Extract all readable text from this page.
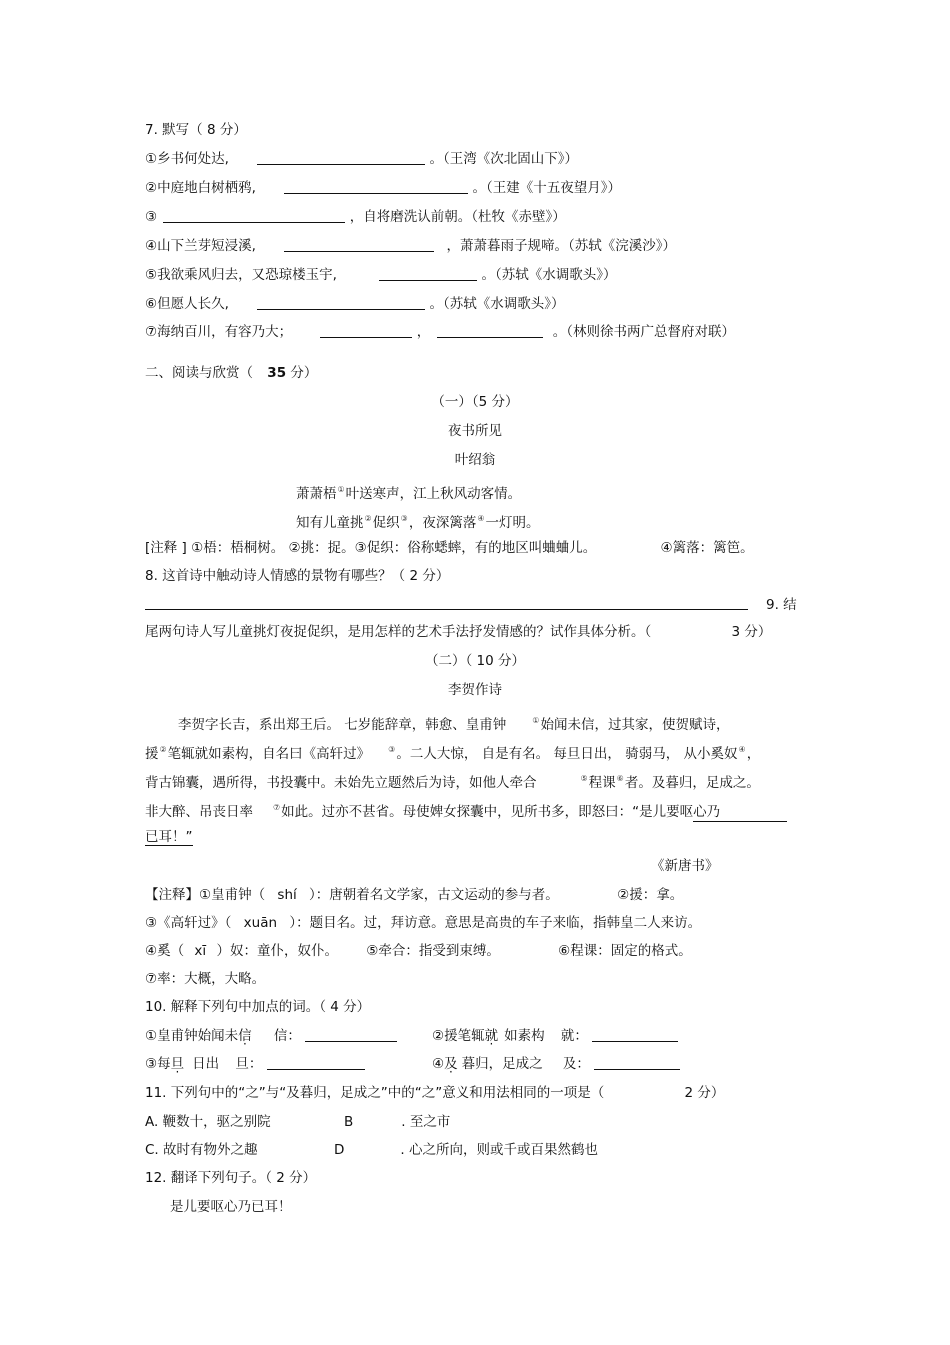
7. 默写（ 8 分）
①乡书何处达,	。（王湾《次北固山下》）
②中庭地白树栖鸦,	。（王建《十五夜望月》）
③	，自将磨洗认前朝。（杜牧《赤壁》）
④山下兰芽短浸溪,	，萧萧暮雨子规啼。（苏轼《浣溪沙》）
⑤我欲乘风归去，又恐琼楼玉宇,	。（苏轼《水调歌头》）
⑥但愿人长久,	。（苏轼《水调歌头》）
⑦海纳百川，有容乃大；	，	。（林则徐书两广总督府对联）
二、阅读与欣赏（ 35 分）
（一）（5 分）
夜书所见
叶绍翁
萧萧梧①叶送寒声，江上秋风动客情。
知有儿童挑②促织③，夜深篱落④一灯明。
[注释 ] ①梧：梧桐树。 ②挑：捉。③促织：俗称蟋蟀，有的地区叫蛐蛐儿。	④篱落：篱笆。
8. 这首诗中触动诗人情感的景物有哪些？（ 2 分）
9. 结
尾两句诗人写儿童挑灯夜捉促织，是用怎样的艺术手法抒发情感的？试作具体分析。（	3 分）
（二）（ 10 分）
李贺作诗
李贺字长吉，系出郑王后。 七岁能辞章，韩愈、皇甫钟	①始闻未信，过其家，使贺赋诗，
援②笔辄就如素构，自名曰《高轩过》 ③。二人大惊， 自是有名。 每旦日出， 骑弱马， 从小奚奴④，
背古锦囊，遇所得，书投囊中。未始先立题然后为诗，如他人牵合	⑤程课⑥者。及暮归，足成之。
非大醉、吊丧日率	⑦如此。过亦不甚省。母使婢女探囊中，见所书多，即怒曰：“是儿要呕心乃
已耳！”
《新唐书》
【注释】①皇甫钟（ shí ）：唐朝着名文学家，古文运动的参与者。	②援：拿。
③《高轩过》（ xuān ）：题目名。过，拜访意。意思是高贵的车子来临，指韩皇二人来访。
④奚（ xī ）奴：童仆，奴仆。 ⑤牵合：指受到束缚。	⑥程课：固定的格式。
⑦率：大概，大略。
10. 解释下列句中加点的词。（ 4 分）
①皇甫钟始闻未信 信：	②援笔辄就 如素构 就：
③每旦 日出 旦：	④及 暮归，足成之 及：
11. 下列句中的“之”与“及暮归，足成之”中的“之”意义和用法相同的一项是（	2 分）
A. 鞭数十，驱之别院	B	. 至之市
C. 故时有物外之趣	D	. 心之所向，则或千或百果然鹤也
12. 翻译下列句子。（ 2 分）
是儿要呕心乃已耳！
